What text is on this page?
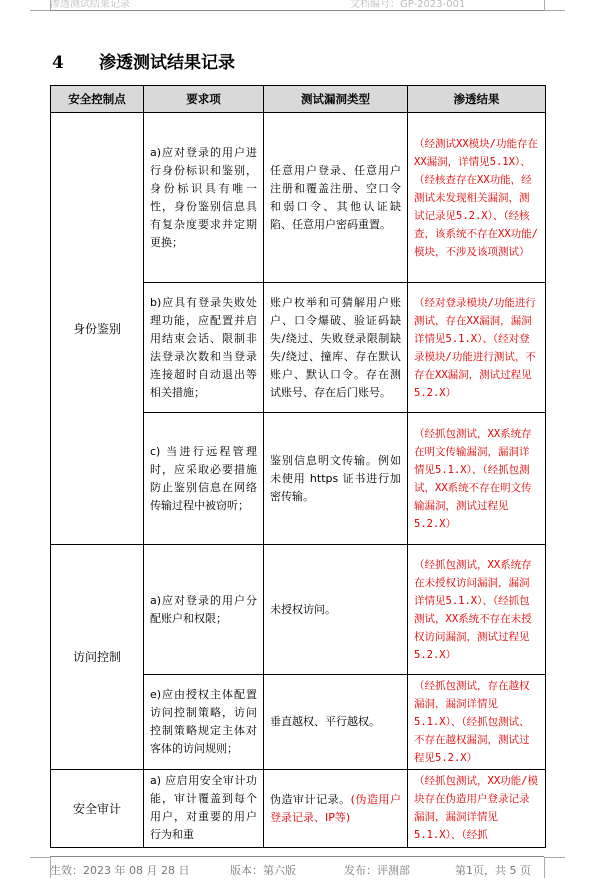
渗透测试结果记录	文档编号：GP-2023-001
4 渗透测试结果记录
安全控制点	要求项	测试漏洞类型	渗透结果
身份鉴别	a)应对登录的用户进行身份标识和鉴别，身份标识具有唯一性，身份鉴别信息具有复杂度要求并定期更换；	任意用户登录、任意用户注册和覆盖注册、空口令和弱口令、其他认证缺陷、任意用户密码重置。	（经测试XX模块/功能存在XX漏洞，详情见5.1X）、（经核查存在XX功能，经测试未发现相关漏洞，测试记录见5.2.X）、（经核查，该系统不存在XX功能/模块，不涉及该项测试）
	b)应具有登录失败处理功能，应配置并启用结束会话、限制非法登录次数和当登录连接超时自动退出等相关措施；	账户枚举和可猜解用户账户、口令爆破、验证码缺失/绕过、失败登录限制缺失/绕过、撞库、存在默认账户、默认口令。存在测试账号、存在后门账号。	（经对登录模块/功能进行测试，存在XX漏洞，漏洞详情见5.1.X）、（经对登录模块/功能进行测试，不存在XX漏洞，测试过程见5.2.X）
	c) 当进行远程管理时，应采取必要措施防止鉴别信息在网络传输过程中被窃听；	鉴别信息明文传输。例如未使用 https 证书进行加密传输。	（经抓包测试，XX系统存在明文传输漏洞，漏洞详情见5.1.X）、（经抓包测试，XX系统不存在明文传输漏洞，测试过程见5.2.X）
访问控制	a)应对登录的用户分配账户和权限；	未授权访问。	（经抓包测试，XX系统存在未授权访问漏洞，漏洞详情见5.1.X）、（经抓包测试，XX系统不存在未授权访问漏洞，测试过程见5.2.X）
	e)应由授权主体配置访问控制策略，访问控制策略规定主体对客体的访问规则；	垂直越权、平行越权。	（经抓包测试，存在越权漏洞，漏洞详情见5.1.X）、（经抓包测试、不存在越权漏洞，测试过程见5.2.X）
安全审计	a) 应启用安全审计功能，审计覆盖到每个用户，对重要的用户行为和重	伪造审计记录。(伪造用户登录记录、IP等)	（经抓包测试，XX功能/模块存在伪造用户登录记录漏洞，漏洞详情见5.1.X）、（经抓
生效：2023 年 08 月 28 日	版本：第六版	发布：评测部	第1页，共 5 页
